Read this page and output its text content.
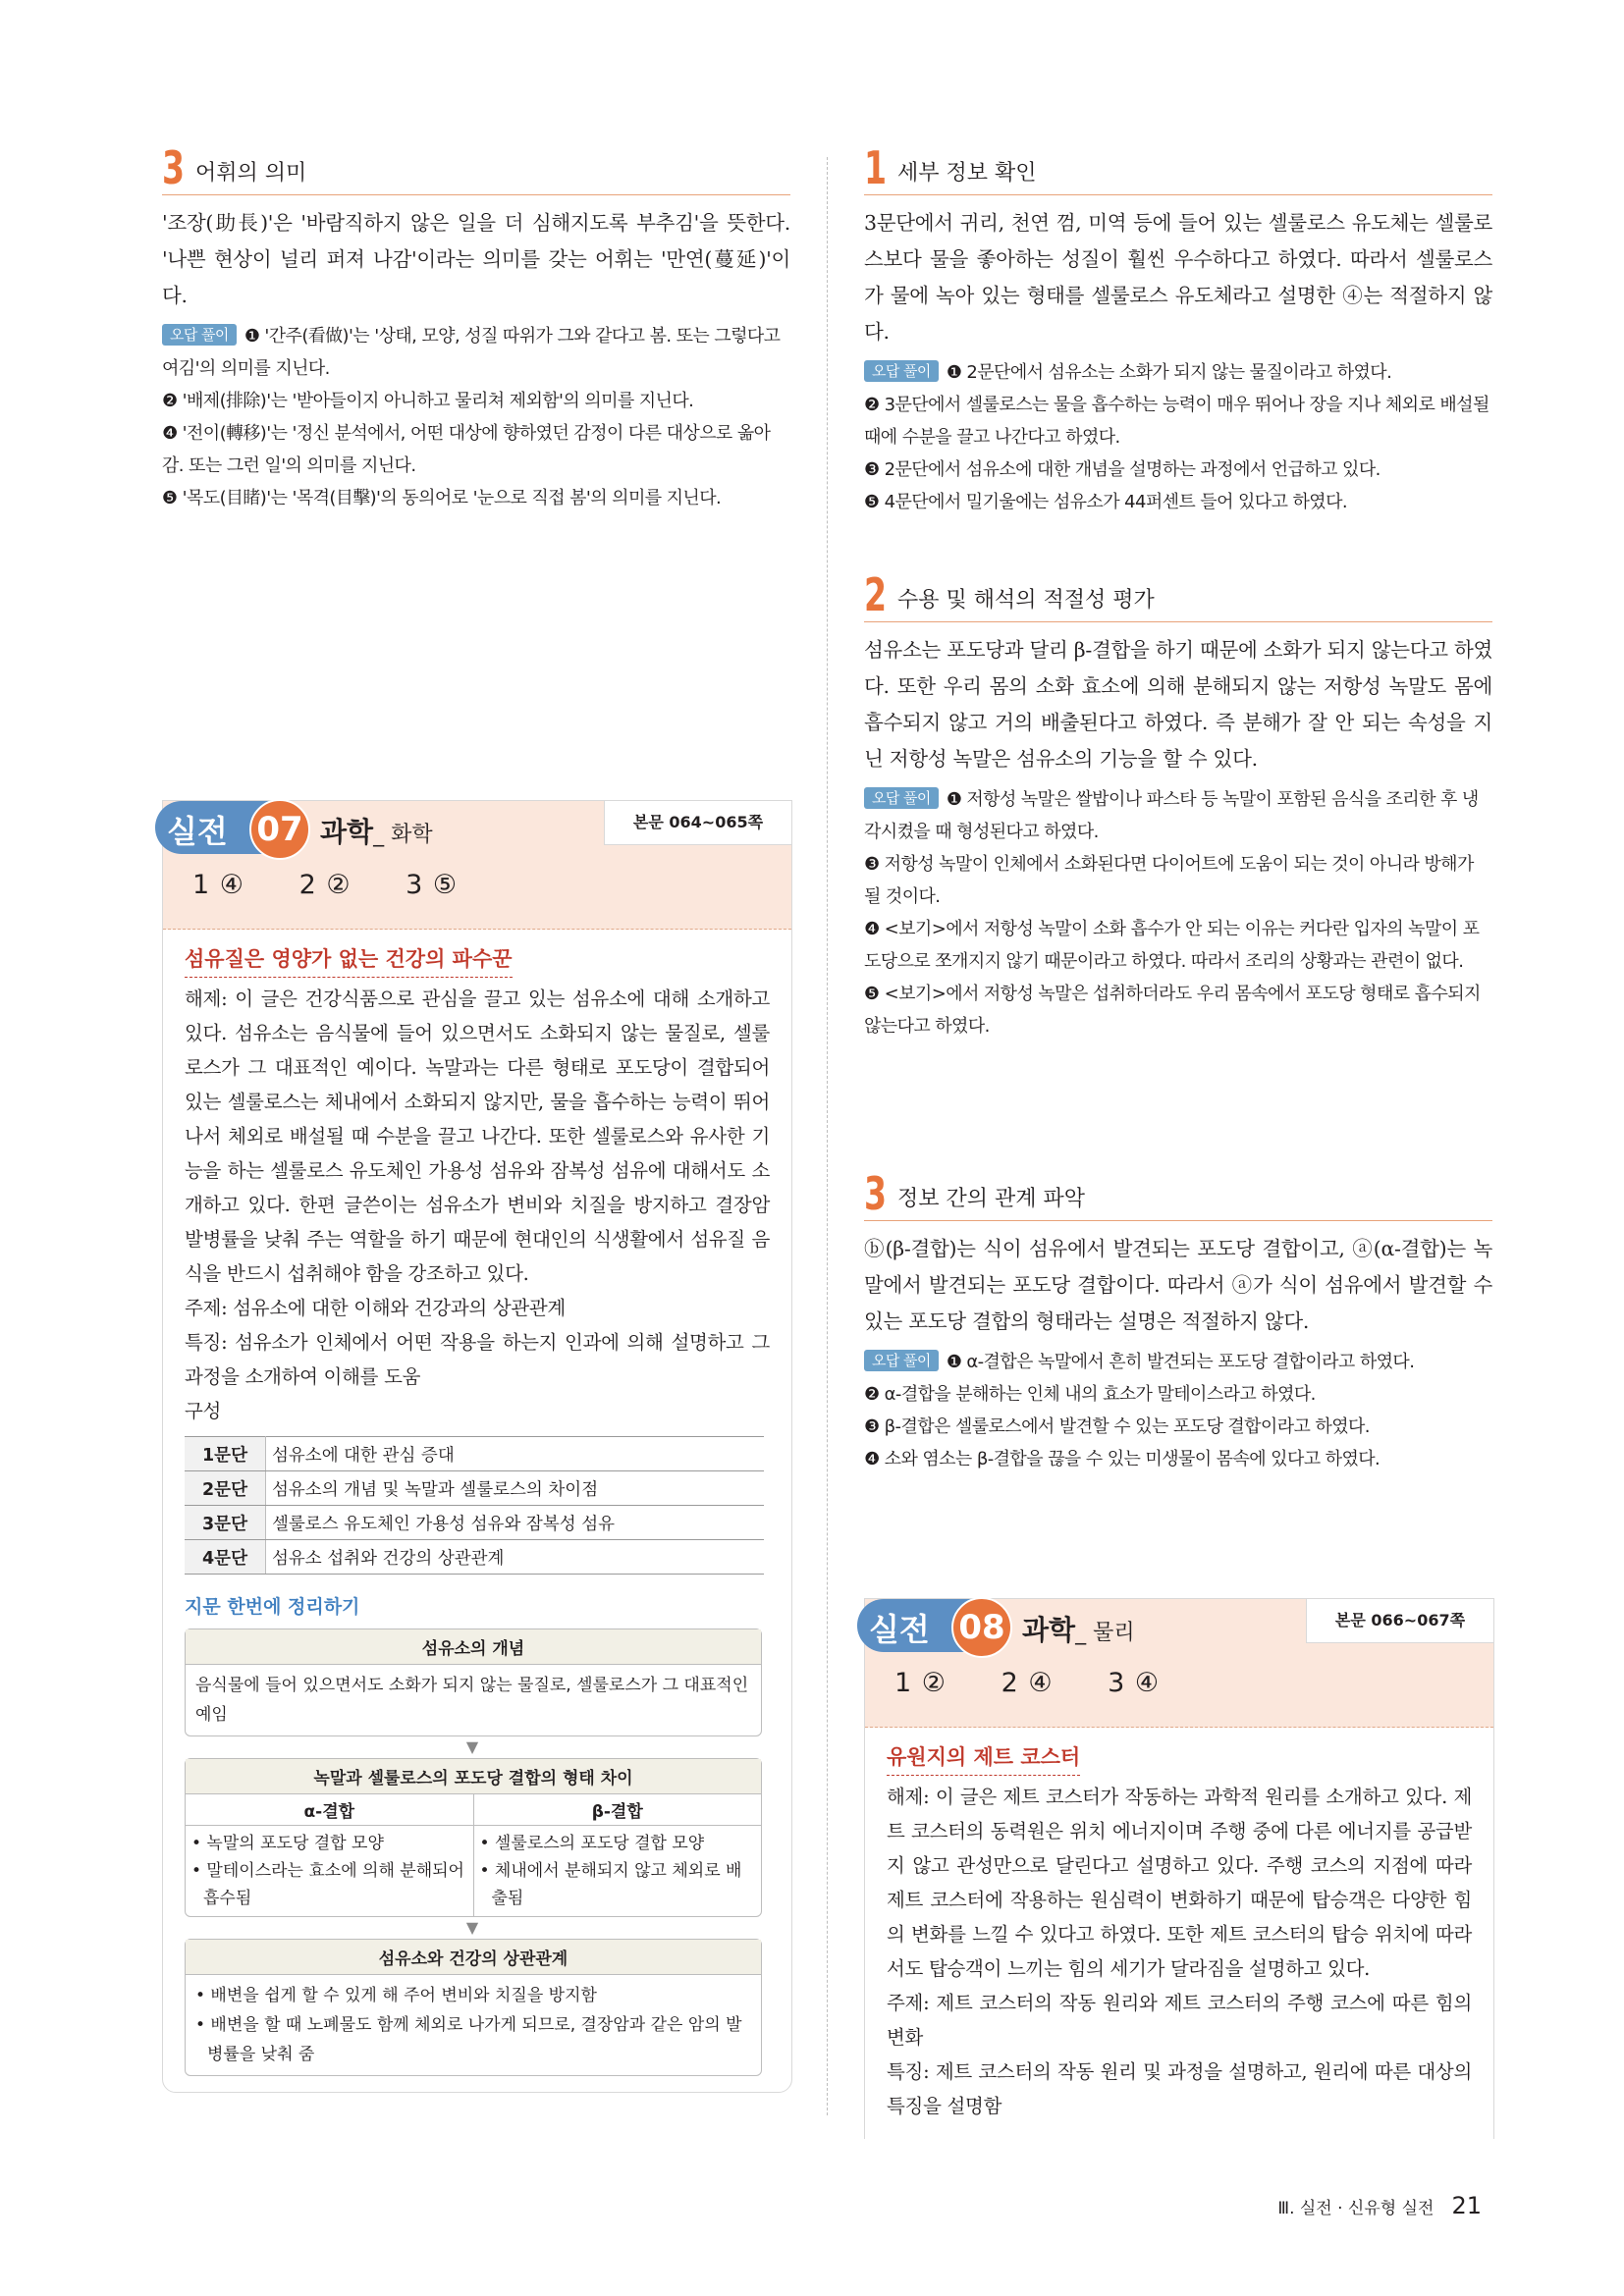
3 어휘의 의미
'조장(助長)'은 '바람직하지 않은 일을 더 심해지도록 부추김'을 뜻한다. '나쁜 현상이 널리 퍼져 나감'이라는 의미를 갖는 어휘는 '만연(蔓延)'이다.

오답 풀이 ❶ '간주(看做)'는 '상태, 모양, 성질 따위가 그와 같다고 봄. 또는 그렇다고 여김'의 의미를 지닌다.

❷ '배제(排除)'는 '받아들이지 아니하고 물리쳐 제외함'의 의미를 지닌다.

❹ '전이(轉移)'는 '정신 분석에서, 어떤 대상에 향하였던 감정이 다른 대상으로 옮아감. 또는 그런 일'의 의미를 지닌다.

❺ '목도(目睹)'는 '목격(目擊)'의 동의어로 '눈으로 직접 봄'의 의미를 지닌다.

실전 07 과학_ 화학
본문 064~065쪽
1 ④ 2 ② 3 ⑤
섬유질은 영양가 없는 건강의 파수꾼

해제: 이 글은 건강식품으로 관심을 끌고 있는 섬유소에 대해 소개하고 있다. 섬유소는 음식물에 들어 있으면서도 소화되지 않는 물질로, 셀룰로스가 그 대표적인 예이다. 녹말과는 다른 형태로 포도당이 결합되어 있는 셀룰로스는 체내에서 소화되지 않지만, 물을 흡수하는 능력이 뛰어나서 체외로 배설될 때 수분을 끌고 나간다. 또한 셀룰로스와 유사한 기능을 하는 셀룰로스 유도체인 가용성 섬유와 잠복성 섬유에 대해서도 소개하고 있다. 한편 글쓴이는 섬유소가 변비와 치질을 방지하고 결장암 발병률을 낮춰 주는 역할을 하기 때문에 현대인의 식생활에서 섬유질 음식을 반드시 섭취해야 함을 강조하고 있다.

주제: 섬유소에 대한 이해와 건강과의 상관관계

특징: 섬유소가 인체에서 어떤 작용을 하는지 인과에 의해 설명하고 그 과정을 소개하여 이해를 도움

구성

1문단	섬유소에 대한 관심 증대
2문단	섬유소의 개념 및 녹말과 셀룰로스의 차이점
3문단	셀룰로스 유도체인 가용성 섬유와 잠복성 섬유
4문단	섬유소 섭취와 건강의 상관관계
지문 한번에 정리하기
섬유소의 개념
음식물에 들어 있으면서도 소화가 되지 않는 물질로, 셀룰로스가 그 대표적인 예임
▼
녹말과 셀룰로스의 포도당 결합의 형태 차이
α-결합
• 녹말의 포도당 결합 모양
• 말테이스라는 효소에 의해 분해되어 흡수됨
β-결합
• 셀룰로스의 포도당 결합 모양
• 체내에서 분해되지 않고 체외로 배출됨
▼
섬유소와 건강의 상관관계
• 배변을 쉽게 할 수 있게 해 주어 변비와 치질을 방지함
• 배변을 할 때 노폐물도 함께 체외로 나가게 되므로, 결장암과 같은 암의 발병률을 낮춰 줌
1 세부 정보 확인
3문단에서 귀리, 천연 껌, 미역 등에 들어 있는 셀룰로스 유도체는 셀룰로스보다 물을 좋아하는 성질이 훨씬 우수하다고 하였다. 따라서 셀룰로스가 물에 녹아 있는 형태를 셀룰로스 유도체라고 설명한 ④는 적절하지 않다.

오답 풀이 ❶ 2문단에서 섬유소는 소화가 되지 않는 물질이라고 하였다.

❷ 3문단에서 셀룰로스는 물을 흡수하는 능력이 매우 뛰어나 장을 지나 체외로 배설될 때에 수분을 끌고 나간다고 하였다.

❸ 2문단에서 섬유소에 대한 개념을 설명하는 과정에서 언급하고 있다.

❺ 4문단에서 밀기울에는 섬유소가 44퍼센트 들어 있다고 하였다.

2 수용 및 해석의 적절성 평가
섬유소는 포도당과 달리 β-결합을 하기 때문에 소화가 되지 않는다고 하였다. 또한 우리 몸의 소화 효소에 의해 분해되지 않는 저항성 녹말도 몸에 흡수되지 않고 거의 배출된다고 하였다. 즉 분해가 잘 안 되는 속성을 지닌 저항성 녹말은 섬유소의 기능을 할 수 있다.

오답 풀이 ❶ 저항성 녹말은 쌀밥이나 파스타 등 녹말이 포함된 음식을 조리한 후 냉각시켰을 때 형성된다고 하였다.

❸ 저항성 녹말이 인체에서 소화된다면 다이어트에 도움이 되는 것이 아니라 방해가 될 것이다.

❹ <보기>에서 저항성 녹말이 소화 흡수가 안 되는 이유는 커다란 입자의 녹말이 포도당으로 쪼개지지 않기 때문이라고 하였다. 따라서 조리의 상황과는 관련이 없다.

❺ <보기>에서 저항성 녹말은 섭취하더라도 우리 몸속에서 포도당 형태로 흡수되지 않는다고 하였다.

3 정보 간의 관계 파악
ⓑ(β-결합)는 식이 섬유에서 발견되는 포도당 결합이고, ⓐ(α-결합)는 녹말에서 발견되는 포도당 결합이다. 따라서 ⓐ가 식이 섬유에서 발견할 수 있는 포도당 결합의 형태라는 설명은 적절하지 않다.

오답 풀이 ❶ α-결합은 녹말에서 흔히 발견되는 포도당 결합이라고 하였다.

❷ α-결합을 분해하는 인체 내의 효소가 말테이스라고 하였다.

❸ β-결합은 셀룰로스에서 발견할 수 있는 포도당 결합이라고 하였다.

❹ 소와 염소는 β-결합을 끊을 수 있는 미생물이 몸속에 있다고 하였다.

실전 08 과학_ 물리
본문 066~067쪽
1 ② 2 ④ 3 ④
유원지의 제트 코스터

해제: 이 글은 제트 코스터가 작동하는 과학적 원리를 소개하고 있다. 제트 코스터의 동력원은 위치 에너지이며 주행 중에 다른 에너지를 공급받지 않고 관성만으로 달린다고 설명하고 있다. 주행 코스의 지점에 따라 제트 코스터에 작용하는 원심력이 변화하기 때문에 탑승객은 다양한 힘의 변화를 느낄 수 있다고 하였다. 또한 제트 코스터의 탑승 위치에 따라서도 탑승객이 느끼는 힘의 세기가 달라짐을 설명하고 있다.

주제: 제트 코스터의 작동 원리와 제트 코스터의 주행 코스에 따른 힘의 변화

특징: 제트 코스터의 작동 원리 및 과정을 설명하고, 원리에 따른 대상의 특징을 설명함

Ⅲ. 실전 · 신유형 실전 21
